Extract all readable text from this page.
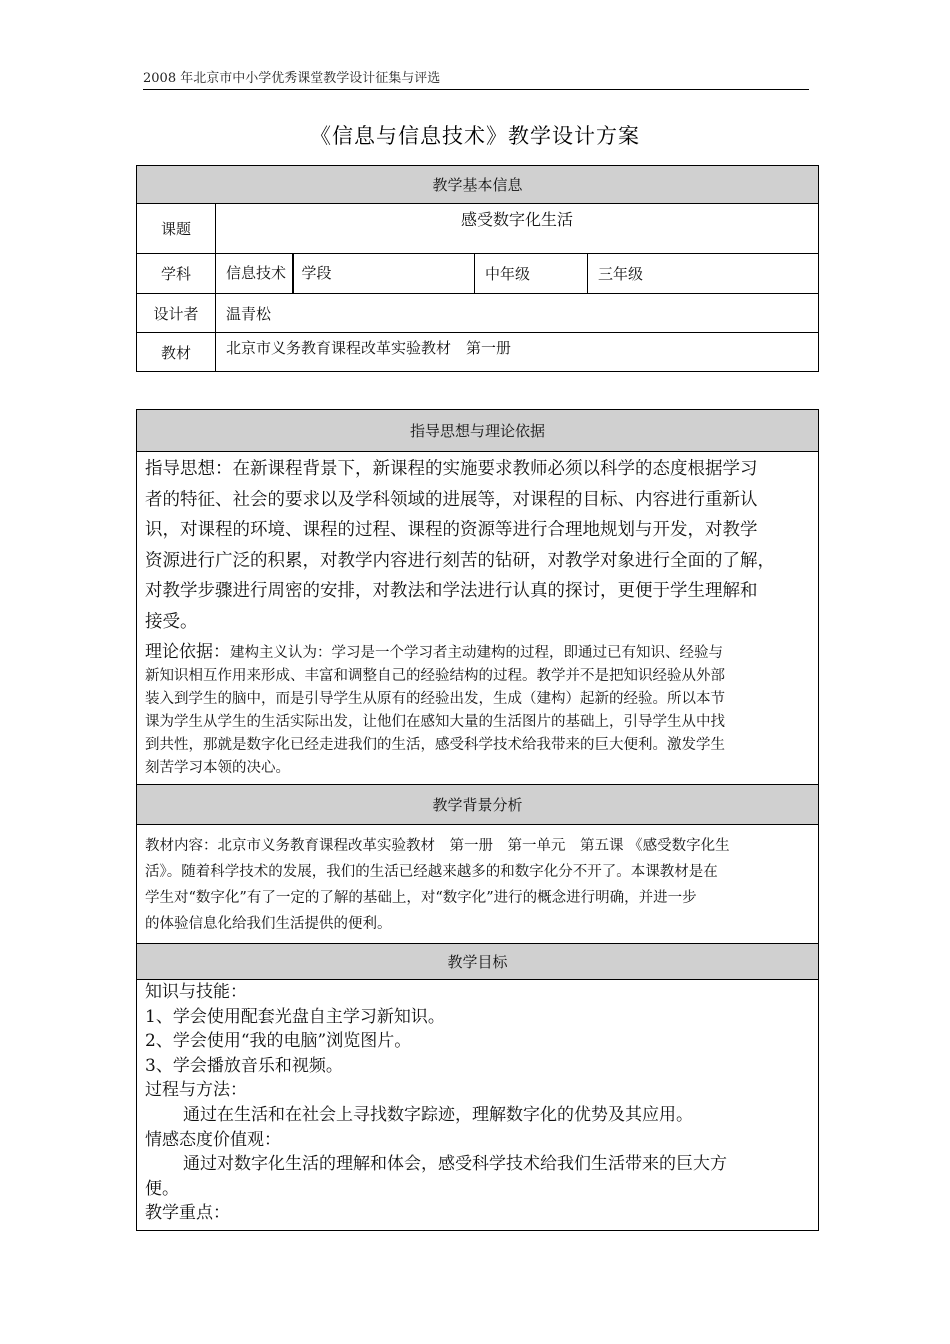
2008 年北京市中小学优秀课堂教学设计征集与评选
《信息与信息技术》教学设计方案
教学基本信息			
课题	感受数字化生活		
学科	信息技术 学段	中年级	三年级
设计者	温青松		
教材	北京市义务教育课程改革实验教材　第一册		
指导思想与理论依据

指导思想：在新课程背景下，新课程的实施要求教师必须以科学的态度根据学习
者的特征、社会的要求以及学科领域的进展等，对课程的目标、内容进行重新认
识，对课程的环境、课程的过程、课程的资源等进行合理地规划与开发，对教学
资源进行广泛的积累，对教学内容进行刻苦的钻研，对教学对象进行全面的了解，
对教学步骤进行周密的安排，对教法和学法进行认真的探讨，更便于学生理解和
接受。
理论依据：建构主义认为：学习是一个学习者主动建构的过程，即通过已有知识、经验与
新知识相互作用来形成、丰富和调整自己的经验结构的过程。教学并不是把知识经验从外部
装入到学生的脑中，而是引导学生从原有的经验出发，生成（建构）起新的经验。所以本节
课为学生从学生的生活实际出发，让他们在感知大量的生活图片的基础上，引导学生从中找
到共性，那就是数字化已经走进我们的生活，感受科学技术给我带来的巨大便利。激发学生
刻苦学习本领的决心。

教学背景分析

教材内容：北京市义务教育课程改革实验教材　第一册　第一单元　第五课 《感受数字化生
活》。随着科学技术的发展，我们的生活已经越来越多的和数字化分不开了。本课教材是在
学生对“数字化”有了一定的了解的基础上，对“数字化”进行的概念进行明确，并进一步
的体验信息化给我们生活提供的便利。

教学目标

知识与技能：
1、学会使用配套光盘自主学习新知识。
2、学会使用“我的电脑”浏览图片。
3、学会播放音乐和视频。
过程与方法：
通过在生活和在社会上寻找数字踪迹，理解数字化的优势及其应用。
情感态度价值观：
通过对数字化生活的理解和体会，感受科学技术给我们生活带来的巨大方
便。
教学重点：
